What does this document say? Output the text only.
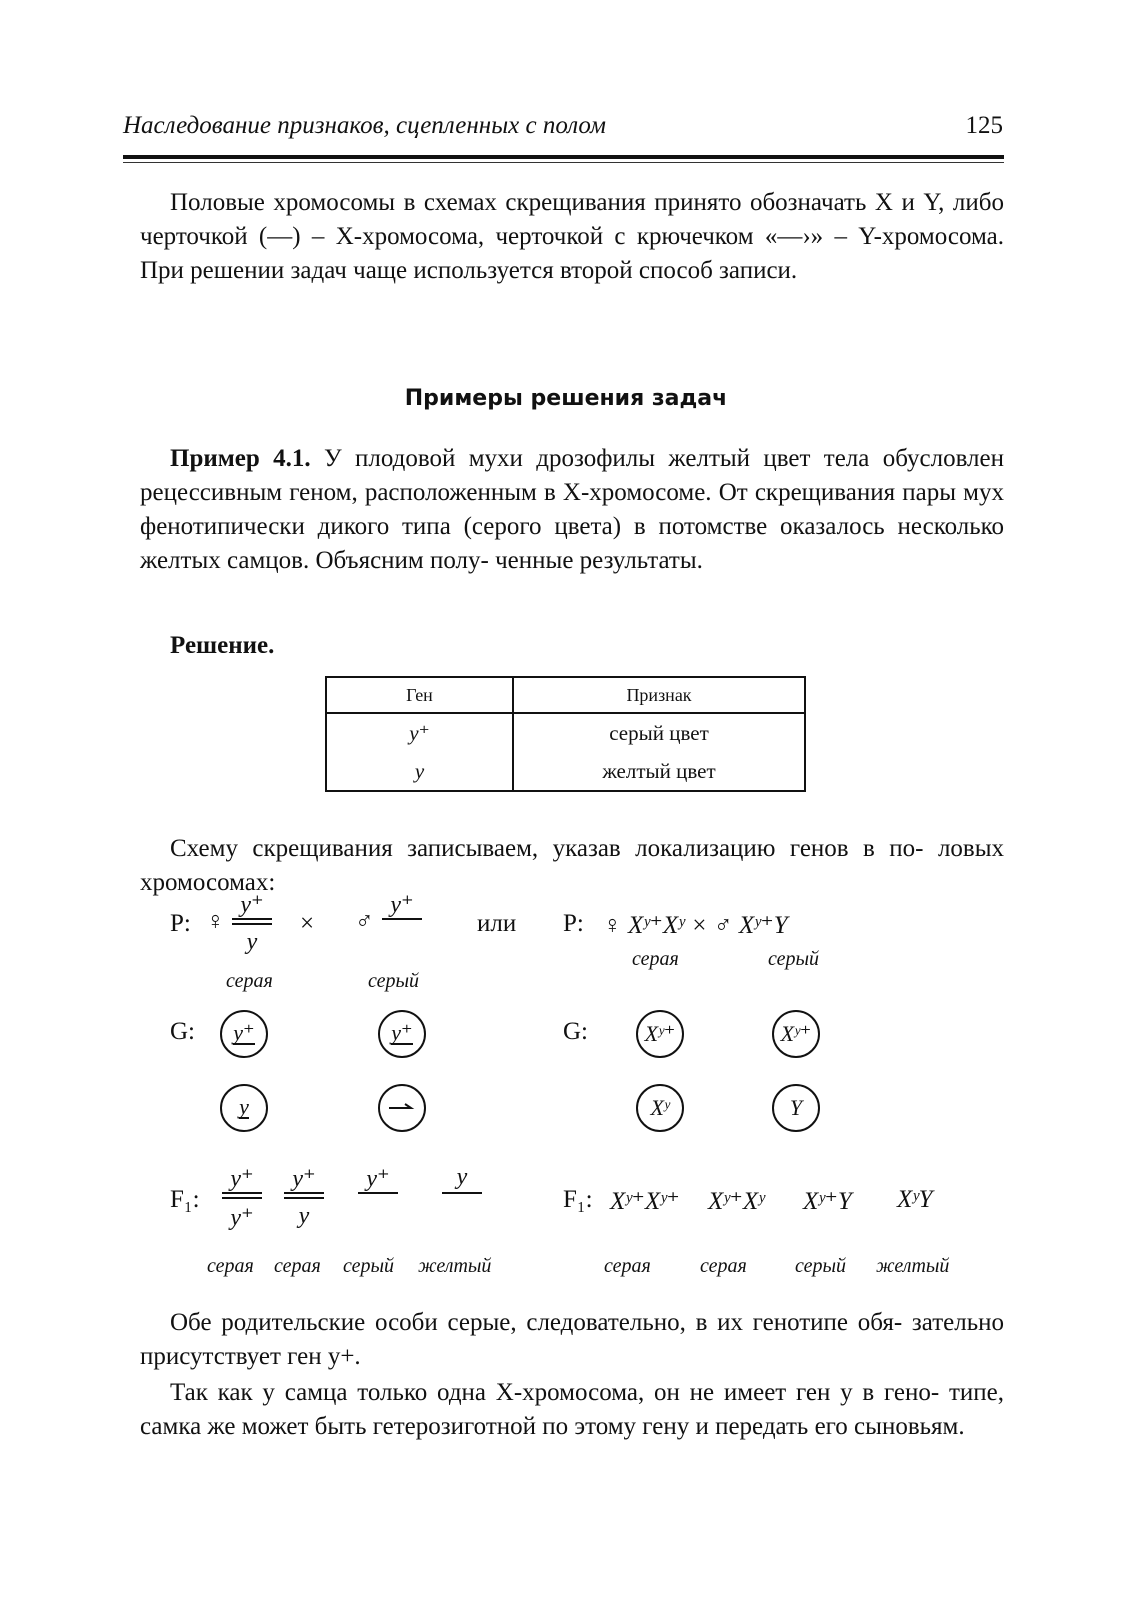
Наследование признаков, сцепленных с полом	125
Половые хромосомы в схемах скрещивания принято обозначать X и Y, либо черточкой (—) – X-хромосома, черточкой с крючечком «—›» – Y-хромосома. При решении задач чаще используется второй способ записи.
Примеры решения задач
Пример 4.1. У плодовой мухи дрозофилы желтый цвет тела обусловлен рецессивным геном, расположенным в X-хромосоме. От скрещивания пары мух фенотипически дикого типа (серого цвета) в потомстве оказалось несколько желтых самцов. Объясним полу- ченные результаты.
Решение.
Ген	Признак
y⁺	серый цвет
y	желтый цвет
Схему скрещивания записываем, указав локализацию генов в по- ловых хромосомах:
P: ♀
y⁺
y
× ♂
y⁺
серая	серый
или P: ♀ Xʸ⁺Xʸ × ♂ Xʸ⁺Y
серая	серый
G: y⁺	y⁺
y
G:	Xʸ⁺	Xʸ⁺
Xʸ	Y
F₁:
y⁺
y⁺
y⁺
y
y⁺	y
серая серая серый желтый
F₁: Xʸ⁺Xʸ⁺ Xʸ⁺Xʸ Xʸ⁺Y XʸY
серая серая серый желтый
Обе родительские особи серые, следовательно, в их генотипе обя- зательно присутствует ген y+.
Так как у самца только одна X-хромосома, он не имеет ген y в гено- типе, самка же может быть гетерозиготной по этому гену и передать его сыновьям.
